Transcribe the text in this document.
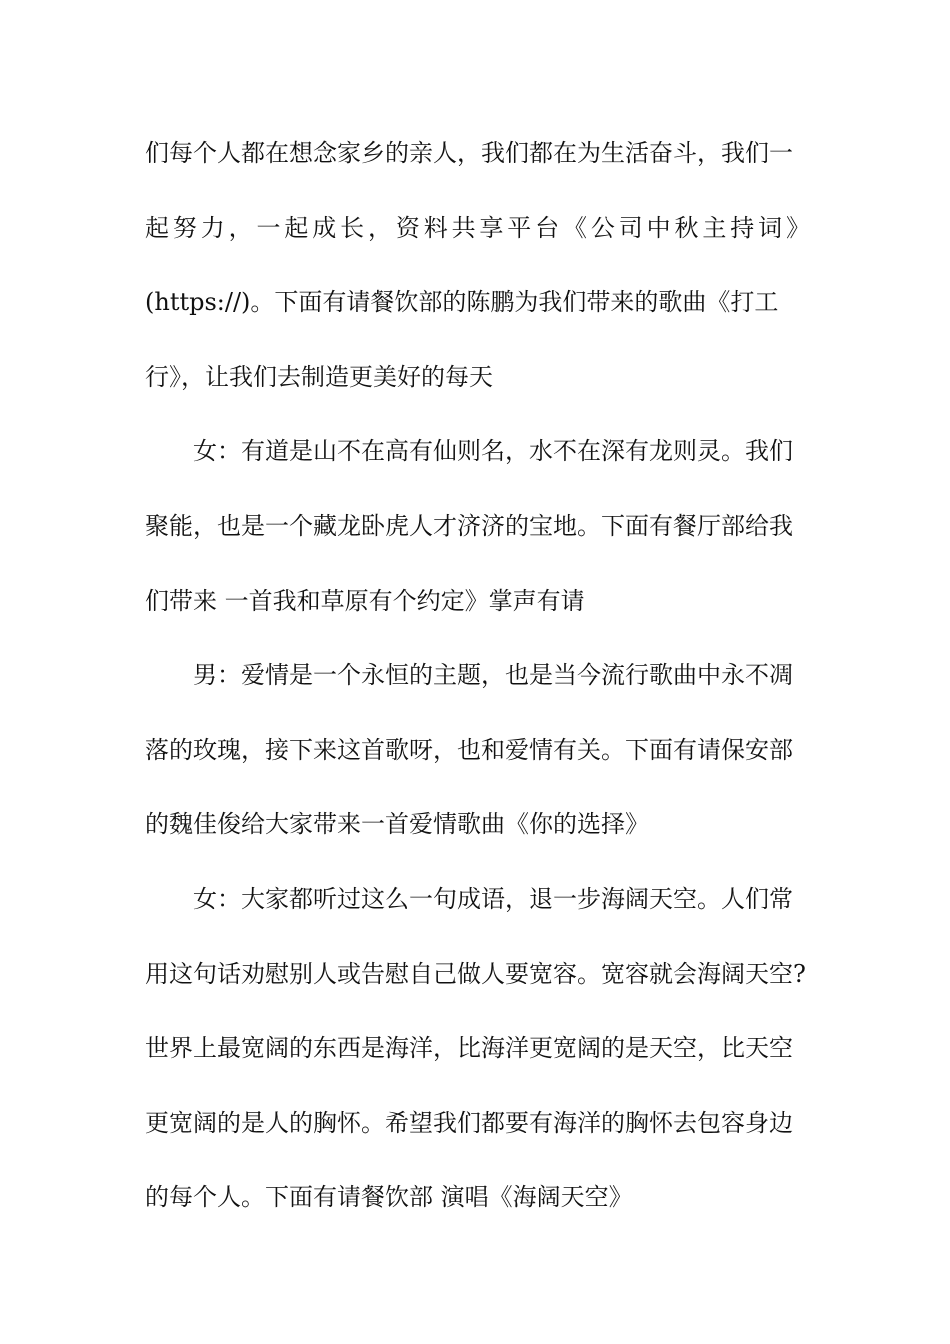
们每个人都在想念家乡的亲人，我们都在为生活奋斗，我们一
起努力，一起成长，资料共享平台《公司中秋主持词》
(https://)。下面有请餐饮部的陈鹏为我们带来的歌曲《打工
行》，让我们去制造更美好的每天
女：有道是山不在高有仙则名，水不在深有龙则灵。我们
聚能，也是一个藏龙卧虎人才济济的宝地。下面有餐厅部给我
们带来 一首我和草原有个约定》掌声有请
男：爱情是一个永恒的主题，也是当今流行歌曲中永不凋
落的玫瑰，接下来这首歌呀，也和爱情有关。下面有请保安部
的魏佳俊给大家带来一首爱情歌曲《你的选择》
女：大家都听过这么一句成语，退一步海阔天空。人们常
用这句话劝慰别人或告慰自己做人要宽容。宽容就会海阔天空?
世界上最宽阔的东西是海洋，比海洋更宽阔的是天空，比天空
更宽阔的是人的胸怀。希望我们都要有海洋的胸怀去包容身边
的每个人。下面有请餐饮部 演唱《海阔天空》
